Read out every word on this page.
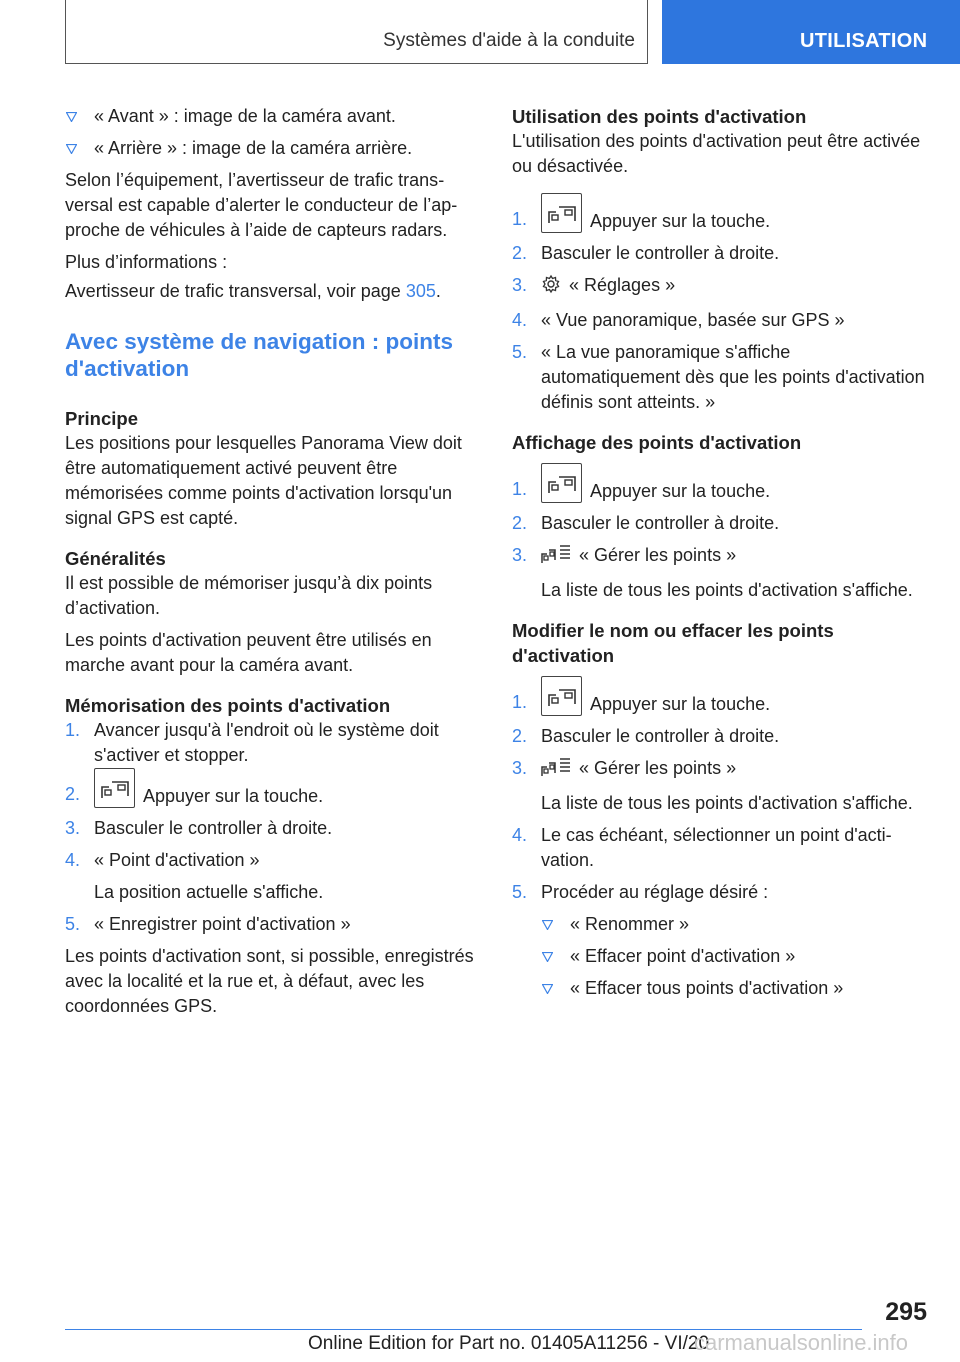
Systèmes d'aide à la conduite	UTILISATION
« Avant » : image de la caméra avant.
« Arrière » : image de la caméra arrière.

Selon l’équipement, l’avertisseur de trafic transversal est capable d’alerter le conducteur de l’approche de véhicules à l’aide de capteurs radars.

Plus d’informations :

Avertisseur de trafic transversal, voir page 305.

Avec système de navigation : points d'activation
Principe

Les positions pour lesquelles Panorama View doit être automatiquement activé peuvent être mémorisées comme points d'activation lorsqu'un signal GPS est capté.

Généralités

Il est possible de mémoriser jusqu’à dix points d’activation.

Les points d'activation peuvent être utilisés en marche avant pour la caméra avant.

Mémorisation des points d'activation
1. Avancer jusqu'à l'endroit où le système doit s'activer et stopper.
2.	Appuyer sur la touche.
3. Basculer le controller à droite.
4. « Point d'activation »
La position actuelle s'affiche.
5. « Enregistrer point d'activation »

Les points d'activation sont, si possible, enregistrés avec la localité et la rue et, à défaut, avec les coordonnées GPS.

Utilisation des points d'activation

L'utilisation des points d'activation peut être activée ou désactivée.

1.	Appuyer sur la touche.
2. Basculer le controller à droite.
3. « Réglages »
4. « Vue panoramique, basée sur GPS »
5. « La vue panoramique s'affiche automatiquement dès que les points d'activation définis sont atteints. »
Affichage des points d'activation
1.	Appuyer sur la touche.
2. Basculer le controller à droite.
3.	« Gérer les points »
La liste de tous les points d'activation s'affiche.
Modifier le nom ou effacer les points d'activation
1.	Appuyer sur la touche.
2. Basculer le controller à droite.
3.	« Gérer les points »
La liste de tous les points d'activation s'affiche.
4. Le cas échéant, sélectionner un point d'activation.
5. Procéder au réglage désiré :
« Renommer »
« Effacer point d'activation »
« Effacer tous points d'activation »
295
Online Edition for Part no. 01405A11256 - VI/20
carmanualsonline.info
